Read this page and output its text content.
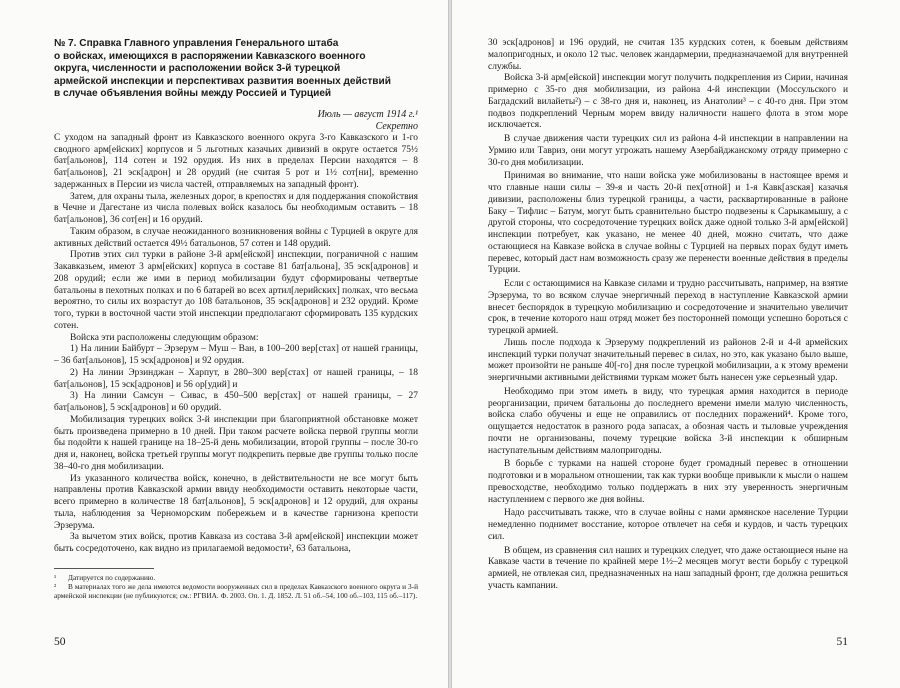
№ 7. Справка Главного управления Генерального штаба
о войсках, имеющихся в распоряжении Кавказского военного
округа, численности и расположении войск 3-й турецкой
армейской инспекции и перспективах развития военных действий
в случае объявления войны между Россией и Турцией
Июль — август 1914 г.¹
Секретно

С уходом на западный фронт из Кавказского военного округа 3-го Кавказского и 1-го сводного арм[ейских] корпусов и 5 льготных казачьих дивизий в округе остается 75½ бат[альонов], 114 сотен и 192 орудия. Из них в пределах Персии находятся – 8 бат[альонов], 21 эск[адрон] и 28 орудий (не считая 5 рот и 1½ сот[ни], временно задержанных в Персии из числа частей, отправляемых на западный фронт).

Затем, для охраны тыла, железных дорог, в крепостях и для поддержания спокойствия в Чечне и Дагестане из числа полевых войск казалось бы необходимым оставить – 18 бат[альонов], 36 сот[ен] и 16 орудий.

Таким образом, в случае неожиданного возникновения войны с Турцией в округе для активных действий остается 49½ батальонов, 57 сотен и 148 орудий.

Против этих сил турки в районе 3-й арм[ейской] инспекции, пограничной с нашим Закавказьем, имеют 3 арм[ейских] корпуса в составе 81 бат[альона], 35 эск[адронов] и 208 орудий; если же ими в период мобилизации будут сформированы четвертые батальоны в пехотных полках и по 6 батарей во всех артил[лерийских] полках, что весьма вероятно, то силы их возрастут до 108 батальонов, 35 эск[адронов] и 232 орудий. Кроме того, турки в восточной части этой инспекции предполагают сформировать 135 курдских сотен.

Войска эти расположены следующим образом:

1) На линии Байбурт – Эрзерум – Муш – Ван, в 100–200 вер[стах] от нашей границы, – 36 бат[альонов], 15 эск[адронов] и 92 орудия.

2) На линии Эрзинджан – Харпут, в 280–300 вер[стах] от нашей границы, – 18 бат[альонов], 15 эск[адронов] и 56 ор[удий] и

3) На линии Самсун – Сивас, в 450–500 вер[стах] от нашей границы, – 27 бат[альонов], 5 эск[адронов] и 60 орудий.

Мобилизация турецких войск 3-й инспекции при благоприятной обстановке может быть произведена примерно в 10 дней. При таком расчете войска первой группы могли бы подойти к нашей границе на 18–25-й день мобилизации, второй группы – после 30-го дня и, наконец, войска третьей группы могут подкрепить первые две группы только после 38–40-го дня мобилизации.

Из указанного количества войск, конечно, в действительности не все могут быть направлены против Кавказской армии ввиду необходимости оставить некоторые части, всего примерно в количестве 18 бат[альонов], 5 эск[адронов] и 12 орудий, для охраны тыла, наблюдения за Черноморским побережьем и в качестве гарнизона крепости Эрзерума.

За вычетом этих войск, против Кавказа из состава 3-й арм[ейской] инспекции может быть сосредоточено, как видно из прилагаемой ведомости², 63 батальона,

¹ Датируется по содержанию.
² В материалах того же дела имеются ведомости вооруженных сил в пределах Кавказского военного округа и 3-й армейской инспекции (не публикуются; см.: РГВИА. Ф. 2003. Оп. 1. Д. 1852. Л. 51 об.–54, 100 об.–103, 115 об.–117).
50

30 эск[адронов] и 196 орудий, не считая 135 курдских сотен, к боевым действиям малопригодных, и около 12 тыс. человек жандармерии, предназначаемой для внутренней службы.

Войска 3-й арм[ейской] инспекции могут получить подкрепления из Сирии, начиная примерно с 35-го дня мобилизации, из района 4-й инспекции (Моссульского и Багдадский вилайеты²) – с 38-го дня и, наконец, из Анатолии³ – с 40-го дня. При этом подвоз подкреплений Черным морем ввиду наличности нашего флота в этом море исключается.

В случае движения части турецких сил из района 4-й инспекции в направлении на Урмию или Тавриз, они могут угрожать нашему Азербайджанскому отряду примерно с 30-го дня мобилизации.

Принимая во внимание, что наши войска уже мобилизованы в настоящее время и что главные наши силы – 39-я и часть 20-й пех[отной] и 1-я Кавк[азская] казачья дивизии, расположены близ турецкой границы, а части, расквартированные в районе Баку – Тифлис – Батум, могут быть сравнительно быстро подвезены к Сарыкамышу, а с другой стороны, что сосредоточение турецких войск даже одной только 3-й арм[ейской] инспекции потребует, как указано, не менее 40 дней, можно считать, что даже остающиеся на Кавказе войска в случае войны с Турцией на первых порах будут иметь перевес, который даст нам возможность сразу же перенести военные действия в пределы Турции.

Если с остающимися на Кавказе силами и трудно рассчитывать, например, на взятие Эрзерума, то во всяком случае энергичный переход в наступление Кавказской армии внесет беспорядок в турецкую мобилизацию и сосредоточение и значительно увеличит срок, в течение которого наш отряд может без посторонней помощи успешно бороться с турецкой армией.

Лишь после подхода к Эрзеруму подкреплений из районов 2-й и 4-й армейских инспекций турки получат значительный перевес в силах, но это, как указано было выше, может произойти не раньше 40[-го] дня после турецкой мобилизации, а к этому времени энергичными активными действиями туркам может быть нанесен уже серьезный удар.

Необходимо при этом иметь в виду, что турецкая армия находится в периоде реорганизации, причем батальоны до последнего времени имели малую численность, войска слабо обучены и еще не оправились от последних поражений⁴. Кроме того, ощущается недостаток в разного рода запасах, а обозная часть и тыловые учреждения почти не организованы, почему турецкие войска 3-й инспекции к обширным наступательным действиям малопригодны.

В борьбе с турками на нашей стороне будет громадный перевес в отношении подготовки и в моральном отношении, так как турки вообще привыкли к мысли о нашем превосходстве, необходимо только поддержать в них эту уверенность энергичным наступлением с первого же дня войны.

Надо рассчитывать также, что в случае войны с нами армянское население Турции немедленно поднимет восстание, которое отвлечет на себя и курдов, и часть турецких сил.

В общем, из сравнения сил наших и турецких следует, что даже остающиеся ныне на Кавказе части в течение по крайней мере 1½–2 месяцев могут вести борьбу с турецкой армией, не отвлекая сил, предназначенных на наш западный фронт, где должна решиться участь кампании.

51
